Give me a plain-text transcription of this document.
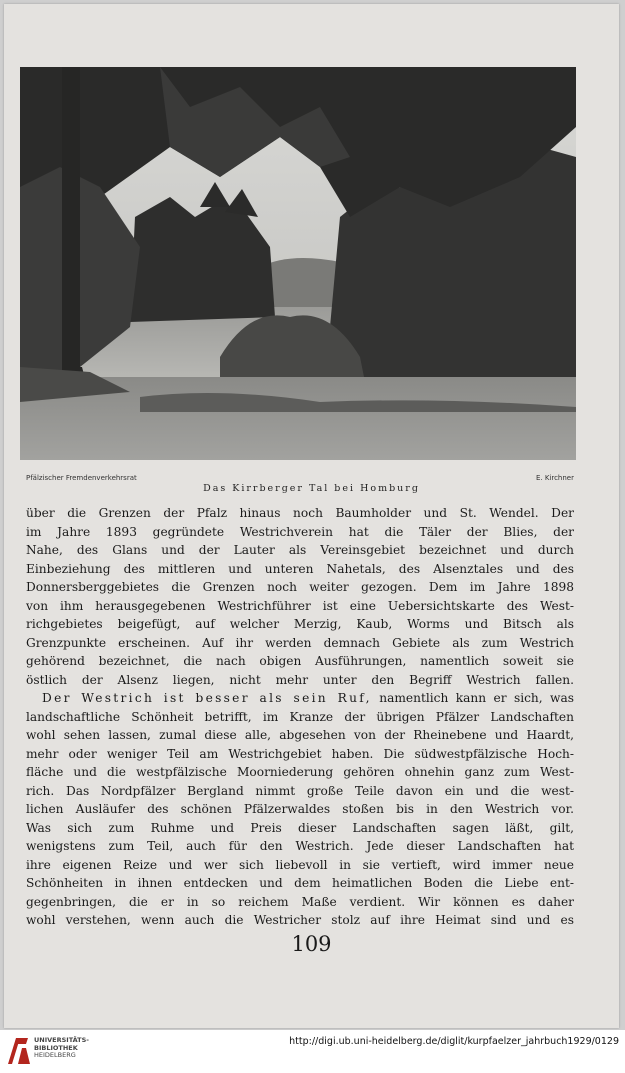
Pfälzischer Fremdenverkehrsrat	E. Kirchner
Das Kirrberger Tal bei Homburg

über die Grenzen der Pfalz hinaus noch Baumholder und St. Wendel. Der

im Jahre 1893 gegründete Westrichverein hat die Täler der Blies, der

Nahe, des Glans und der Lauter als Vereinsgebiet bezeichnet und durch

Einbeziehung des mittleren und unteren Nahetals, des Alsenztales und des

Donnersberggebietes die Grenzen noch weiter gezogen. Dem im Jahre 1898

von ihm herausgegebenen Westrichführer ist eine Uebersichtskarte des West-

richgebietes beigefügt, auf welcher Merzig, Kaub, Worms und Bitsch als

Grenzpunkte erscheinen. Auf ihr werden demnach Gebiete als zum Westrich

gehörend bezeichnet, die nach obigen Ausführungen, namentlich soweit sie

östlich der Alsenz liegen, nicht mehr unter den Begriff Westrich fallen.

Der Westrich ist besser als sein Ruf, namentlich kann er sich, was

landschaftliche Schönheit betrifft, im Kranze der übrigen Pfälzer Landschaften

wohl sehen lassen, zumal diese alle, abgesehen von der Rheinebene und Haardt,

mehr oder weniger Teil am Westrichgebiet haben. Die südwestpfälzische Hoch-

fläche und die westpfälzische Moorniederung gehören ohnehin ganz zum West-

rich. Das Nordpfälzer Bergland nimmt große Teile davon ein und die west-

lichen Ausläufer des schönen Pfälzerwaldes stoßen bis in den Westrich vor.

Was sich zum Ruhme und Preis dieser Landschaften sagen läßt, gilt,

wenigstens zum Teil, auch für den Westrich. Jede dieser Landschaften hat

ihre eigenen Reize und wer sich liebevoll in sie vertieft, wird immer neue

Schönheiten in ihnen entdecken und dem heimatlichen Boden die Liebe ent-

gegenbringen, die er in so reichem Maße verdient. Wir können es daher

wohl verstehen, wenn auch die Westricher stolz auf ihre Heimat sind und es

109
UNIVERSITÄTS-
BIBLIOTHEK
HEIDELBERG
http://digi.ub.uni-heidelberg.de/diglit/kurpfaelzer_jahrbuch1929/0129
